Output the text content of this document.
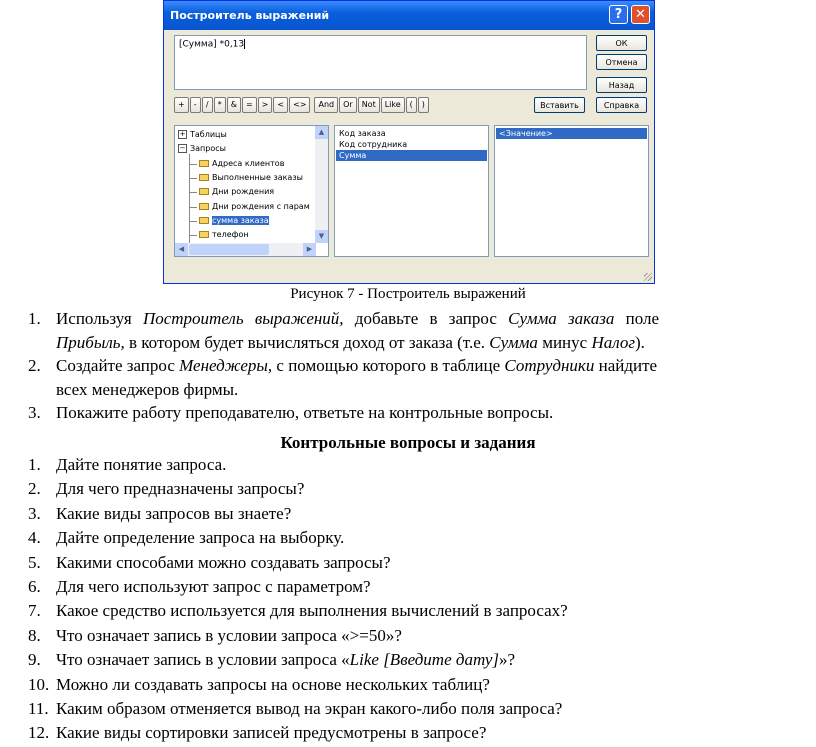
Построитель выражений	? ✕
[Сумма] *0,13	ОК
Отмена
Назад
Справка
+	-	/	*	&	=	>	<	<>	And	Or	Not	Like	(	)	Вставить
▲
▼
◀	▶
+ Таблицы
− Запросы
Адреса клиентов
Выполненные заказы
Дни рождения
Дни рождения с парам
сумма заказа
телефон
Код заказа
Код сотрудника
Сумма
<Значение>
Рисунок 7 - Построитель выражений
1. Используя Построитель выражений, добавьте в запрос Сумма заказа поле
Прибыль, в котором будет вычисляться доход от заказа (т.е. Сумма минус Налог).
2. Создайте запрос Менеджеры, с помощью которого в таблице Сотрудники найдите
всех менеджеров фирмы.
3. Покажите работу преподавателю, ответьте на контрольные вопросы.
Контрольные вопросы и задания
1. Дайте понятие запроса.
2. Для чего предназначены запросы?
3. Какие виды запросов вы знаете?
4. Дайте определение запроса на выборку.
5. Какими способами можно создавать запросы?
6. Для чего используют запрос с параметром?
7. Какое средство используется для выполнения вычислений в запросах?
8. Что означает запись в условии запроса «>=50»?
9. Что означает запись в условии запроса «Like [Введите дату]»?
10. Можно ли создавать запросы на основе нескольких таблиц?
11. Каким образом отменяется вывод на экран какого-либо поля запроса?
12. Какие виды сортировки записей предусмотрены в запросе?
